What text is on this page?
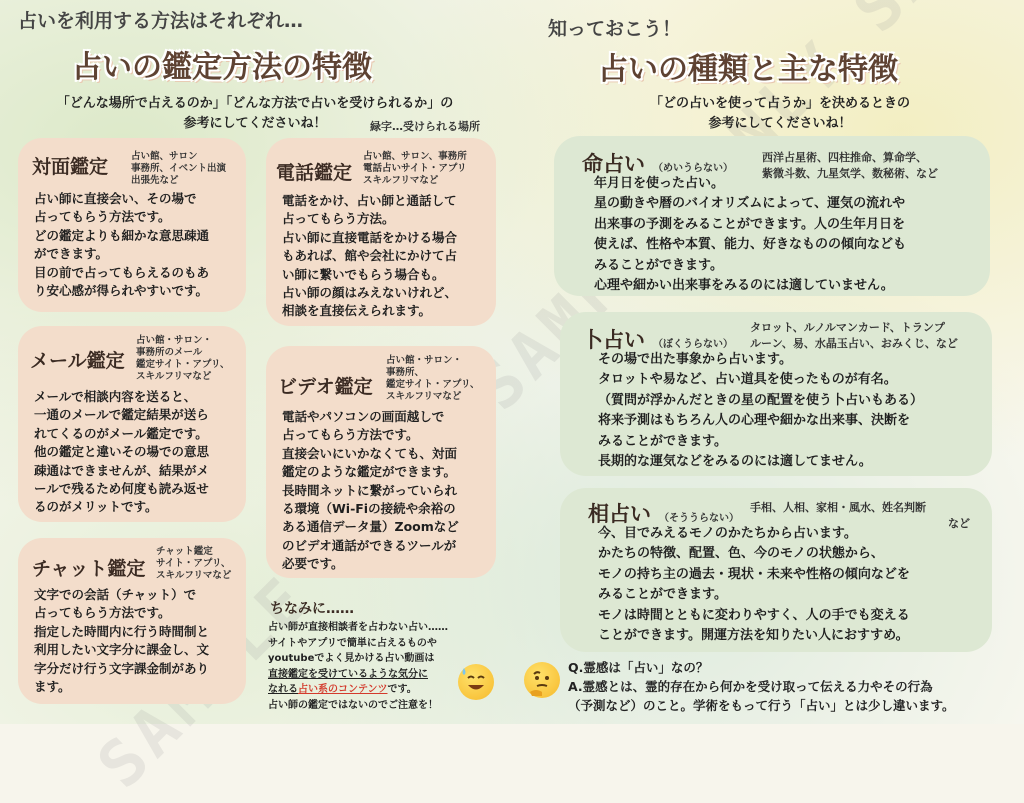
占いを利用する方法はそれぞれ…
占いの鑑定方法の特徴
「どんな場所で占えるのか」「どんな方法で占いを受けられるか」の
参考にしてくださいね！	緑字…受けられる場所
対面鑑定 占い館、サロン
事務所、イベント出演
出張先など
占い師に直接会い、その場で
占ってもらう方法です。
どの鑑定よりも細かな意思疎通
ができます。
目の前で占ってもらえるのもあ
り安心感が得られやすいです。
電話鑑定
占い館、サロン、事務所
電話占いサイト・アプリ
スキルフリマなど
電話をかけ、占い師と通話して
占ってもらう方法。
占い師に直接電話をかける場合
もあれば、館や会社にかけて占
い師に繋いでもらう場合も。
占い師の顔はみえないけれど、
相談を直接伝えられます。
メール鑑定
占い館・サロン・
事務所のメール
鑑定サイト・アプリ、
スキルフリマなど
メールで相談内容を送ると、
一通のメールで鑑定結果が送ら
れてくるのがメール鑑定です。
他の鑑定と違いその場での意思
疎通はできませんが、結果がメ
ールで残るため何度も読み返せ
るのがメリットです。
ビデオ鑑定
占い館・サロン・
事務所、
鑑定サイト・アプリ、
スキルフリマなど
電話やパソコンの画面越しで
占ってもらう方法です。
直接会いにいかなくても、対面
鑑定のような鑑定ができます。
長時間ネットに繋がっていられ
る環境（Wi-Fiの接続や余裕の
ある通信データ量）Zoomなど
のビデオ通話ができるツールが
必要です。
チャット鑑定
チャット鑑定
サイト・アプリ、
スキルフリマなど
文字での会話（チャット）で
占ってもらう方法です。
指定した時間内に行う時間制と
利用したい文字分に課金し、文
字分だけ行う文字課金制があり
ます。
ちなみに……
占い師が直接相談者を占わない占い……
サイトやアプリで簡単に占えるものや
youtubeでよく見かける占い動画は
直接鑑定を受けているような気分に
なれる占い系のコンテンツです。
占い師の鑑定ではないのでご注意を！
知っておこう！
占いの種類と主な特徴
「どの占いを使って占うか」を決めるときの
参考にしてくださいね！
命占い （めいうらない）
西洋占星術、四柱推命、算命学、
紫微斗数、九星気学、数秘術、など
年月日を使った占い。
星の動きや暦のバイオリズムによって、運気の流れや
出来事の予測をみることができます。人の生年月日を
使えば、性格や本質、能力、好きなものの傾向なども
みることができます。
心理や細かい出来事をみるのには適していません。
卜占い （ぼくうらない）
タロット、ルノルマンカード、トランプ
ルーン、易、水晶玉占い、おみくじ、など
その場で出た事象から占います。
タロットや易など、占い道具を使ったものが有名。
（質問が浮かんだときの星の配置を使う卜占いもある）
将来予測はもちろん人の心理や細かな出来事、決断を
みることができます。
長期的な運気などをみるのには適してません。
相占い （そううらない）
手相、人相、家相・風水、姓名判断
など
今、目でみえるモノのかたちから占います。
かたちの特徴、配置、色、今のモノの状態から、
モノの持ち主の過去・現状・未来や性格の傾向などを
みることができます。
モノは時間とともに変わりやすく、人の手でも変える
ことができます。開運方法を知りたい人におすすめ。
Q.霊感は「占い」なの？
A.霊感とは、霊的存在から何かを受け取って伝える力やその行為
（予測など）のこと。学術をもって行う「占い」とは少し違います。
